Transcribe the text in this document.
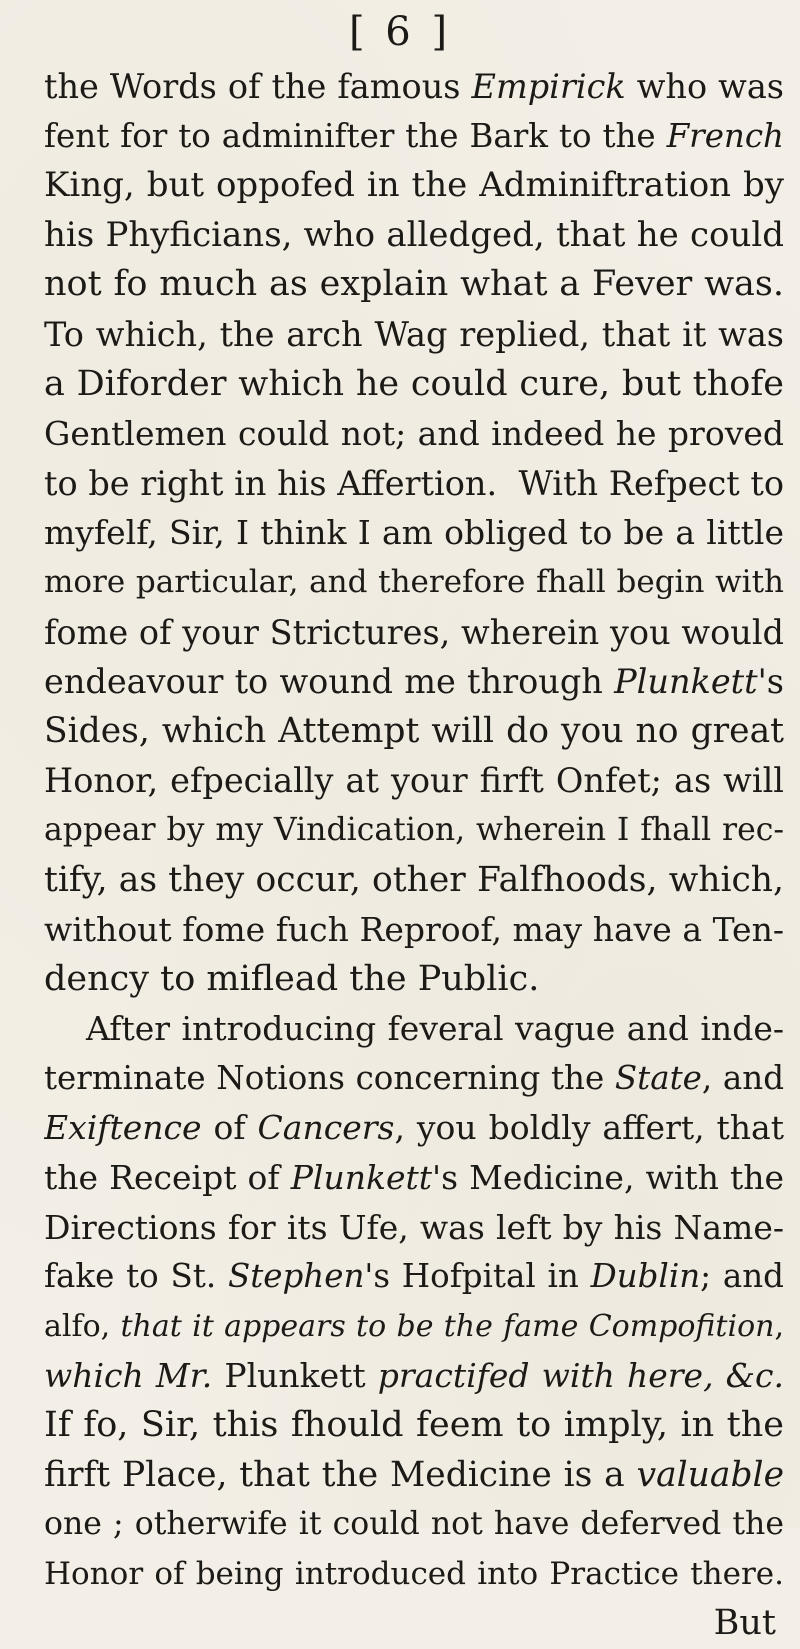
[ 6 ]
the Words of the famous Empirick who was
fent for to adminifter the Bark to the French
King, but oppofed in the Adminiftration by
his Phyficians, who alledged, that he could
not fo much as explain what a Fever was.
To which, the arch Wag replied, that it was
a Diforder which he could cure, but thofe
Gentlemen could not; and indeed he proved
to be right in his Affertion.  With Refpect to
myfelf, Sir, I think I am obliged to be a little
more particular, and therefore fhall begin with
fome of your Strictures, wherein you would
endeavour to wound me through Plunkett's
Sides, which Attempt will do you no great
Honor, efpecially at your firft Onfet; as will
appear by my Vindication, wherein I fhall rec-
tify, as they occur, other Falfhoods, which,
without fome fuch Reproof, may have a Ten-
dency to miflead the Public.
After introducing feveral vague and inde-
terminate Notions concerning the State, and
Exiftence of Cancers, you boldly affert, that
the Receipt of Plunkett's Medicine, with the
Directions for its Ufe, was left by his Name-
fake to St. Stephen's Hofpital in Dublin; and
alfo, that it appears to be the fame Compofition,
which Mr. Plunkett practifed with here, &c.
If fo, Sir, this fhould feem to imply, in the
firft Place, that the Medicine is a valuable
one ; otherwife it could not have deferved the
Honor of being introduced into Practice there.
But
